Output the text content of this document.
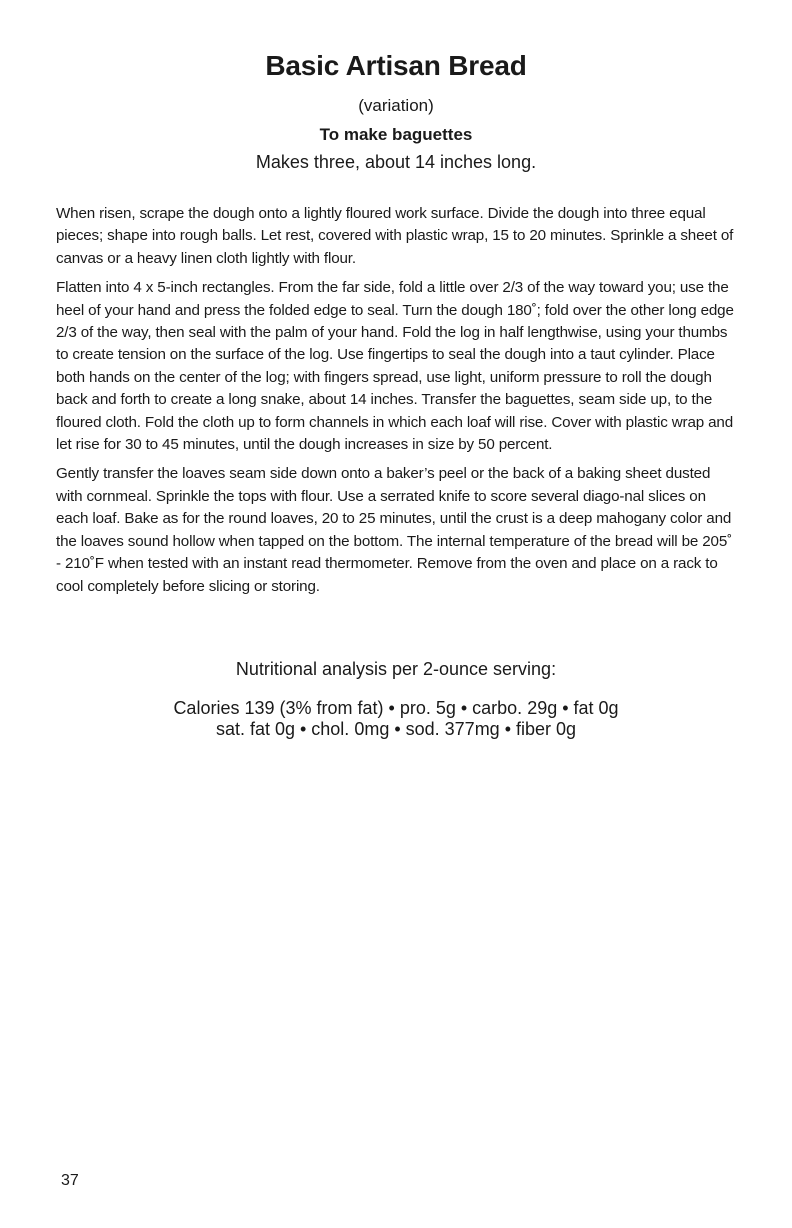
Basic Artisan Bread
(variation)
To make baguettes
Makes three, about 14 inches long.

When risen, scrape the dough onto a lightly floured work surface. Divide the dough into three equal pieces; shape into rough balls. Let rest, covered with plastic wrap, 15 to 20 minutes. Sprinkle a sheet of canvas or a heavy linen cloth lightly with flour.

Flatten into 4 x 5-inch rectangles. From the far side, fold a little over 2/3 of the way toward you; use the heel of your hand and press the folded edge to seal. Turn the dough 180˚; fold over the other long edge 2/3 of the way, then seal with the palm of your hand. Fold the log in half lengthwise, using your thumbs to create tension on the surface of the log. Use fingertips to seal the dough into a taut cylinder. Place both hands on the center of the log; with fingers spread, use light, uniform pressure to roll the dough back and forth to create a long snake, about 14 inches. Transfer the baguettes, seam side up, to the floured cloth. Fold the cloth up to form channels in which each loaf will rise. Cover with plastic wrap and let rise for 30 to 45 minutes, until the dough increases in size by 50 percent.

Gently transfer the loaves seam side down onto a baker’s peel or the back of a baking sheet dusted with cornmeal. Sprinkle the tops with flour. Use a serrated knife to score several diago-nal slices on each loaf. Bake as for the round loaves, 20 to 25 minutes, until the crust is a deep mahogany color and the loaves sound hollow when tapped on the bottom. The internal temperature of the bread will be 205˚ - 210˚F when tested with an instant read thermometer. Remove from the oven and place on a rack to cool completely before slicing or storing.

Nutritional analysis per 2-ounce serving:
Calories 139 (3% from fat) • pro. 5g • carbo. 29g • fat 0g
sat. fat 0g • chol. 0mg • sod. 377mg • fiber 0g
37
